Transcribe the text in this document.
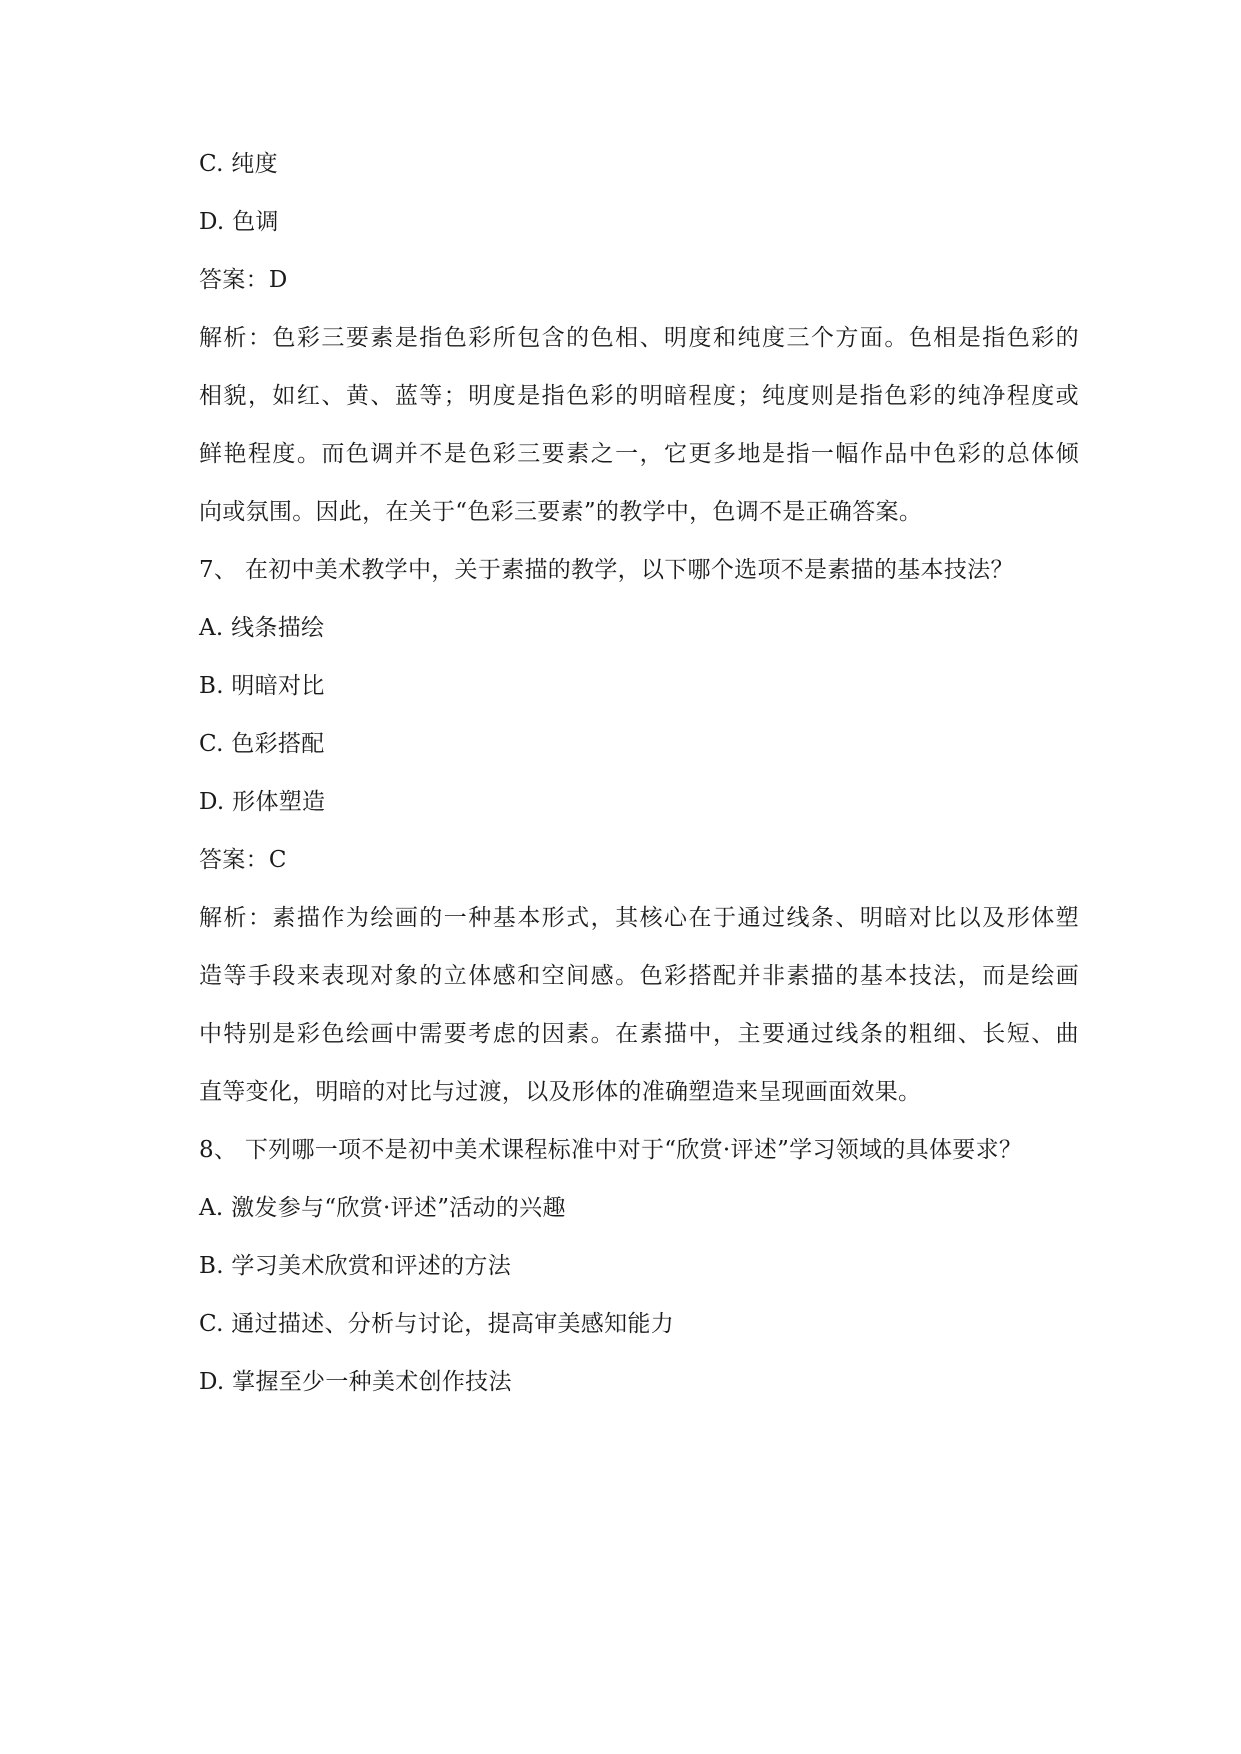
C. 纯度
D. 色调
答案：D
解析：色彩三要素是指色彩所包含的色相、明度和纯度三个方面。色相是指色彩的
相貌，如红、黄、蓝等；明度是指色彩的明暗程度；纯度则是指色彩的纯净程度或
鲜艳程度。而色调并不是色彩三要素之一，它更多地是指一幅作品中色彩的总体倾
向或氛围。因此，在关于“色彩三要素”的教学中，色调不是正确答案。
7、 在初中美术教学中，关于素描的教学，以下哪个选项不是素描的基本技法？
A. 线条描绘
B. 明暗对比
C. 色彩搭配
D. 形体塑造
答案：C
解析：素描作为绘画的一种基本形式，其核心在于通过线条、明暗对比以及形体塑
造等手段来表现对象的立体感和空间感。色彩搭配并非素描的基本技法，而是绘画
中特别是彩色绘画中需要考虑的因素。在素描中，主要通过线条的粗细、长短、曲
直等变化，明暗的对比与过渡，以及形体的准确塑造来呈现画面效果。
8、 下列哪一项不是初中美术课程标准中对于“欣赏·评述”学习领域的具体要求？
A. 激发参与“欣赏·评述”活动的兴趣
B. 学习美术欣赏和评述的方法
C. 通过描述、分析与讨论，提高审美感知能力
D. 掌握至少一种美术创作技法
